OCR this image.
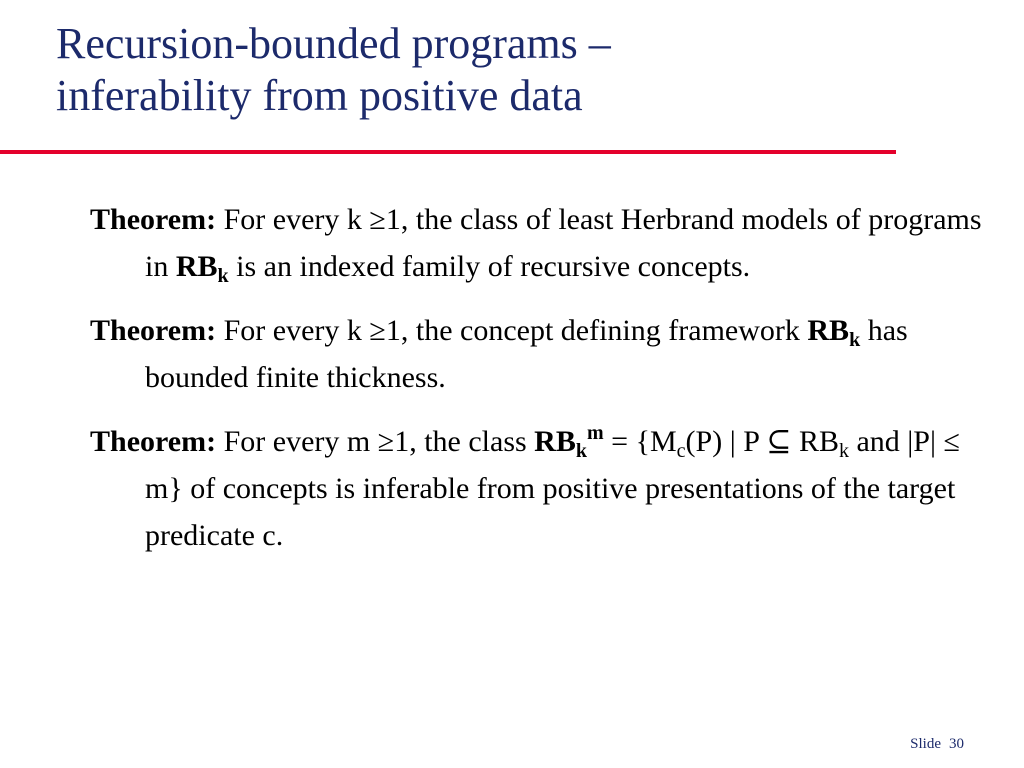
Recursion-bounded programs –
inferability from positive data

Theorem: For every k ≥1, the class of least Herbrand models of programs in $RB_k$ is an indexed family of recursive concepts.

Theorem: For every k ≥1, the concept defining framework $RB_k$ has bounded finite thickness.

Theorem: For every m ≥1, the class $RB_k^m = \{M_c(P)$ | P ⊆ $RB_k$ and |P| ≤ m} of concepts is inferable from positive presentations of the target predicate c.

Slide 30
